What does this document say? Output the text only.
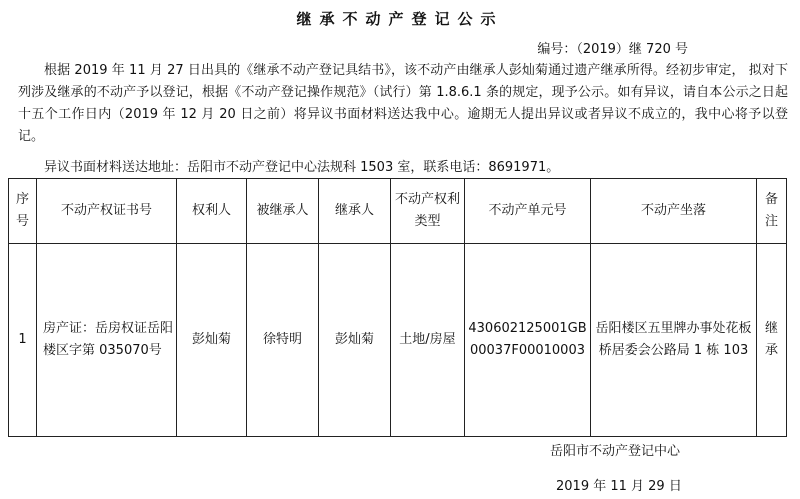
继承不动产登记公示
编号：（2019）继 720 号

根据 2019 年 11 月 27 日出具的《继承不动产登记具结书》，该不动产由继承人彭灿菊通过遗产继承所得。经初步审定， 拟对下列涉及继承的不动产予以登记，根据《不动产登记操作规范》（试行）第 1.8.6.1 条的规定，现予公示。如有异议，请自本公示之日起十五个工作日内（2019 年 12 月 20 日之前）将异议书面材料送达我中心。逾期无人提出异议或者异议不成立的，我中心将予以登记。

异议书面材料送达地址：岳阳市不动产登记中心法规科 1503 室，联系电话：8691971。
序号	不动产权证书号	权利人	被继承人	继承人	不动产权利类型	不动产单元号	不动产坐落	备注
1	房产证：岳房权证岳阳楼区字第 035070号	彭灿菊	徐特明	彭灿菊	土地/房屋	430602125001GB00037F00010003	岳阳楼区五里牌办事处花板桥居委会公路局 1 栋 103	继承
岳阳市不动产登记中心
2019 年 11 月 29 日
